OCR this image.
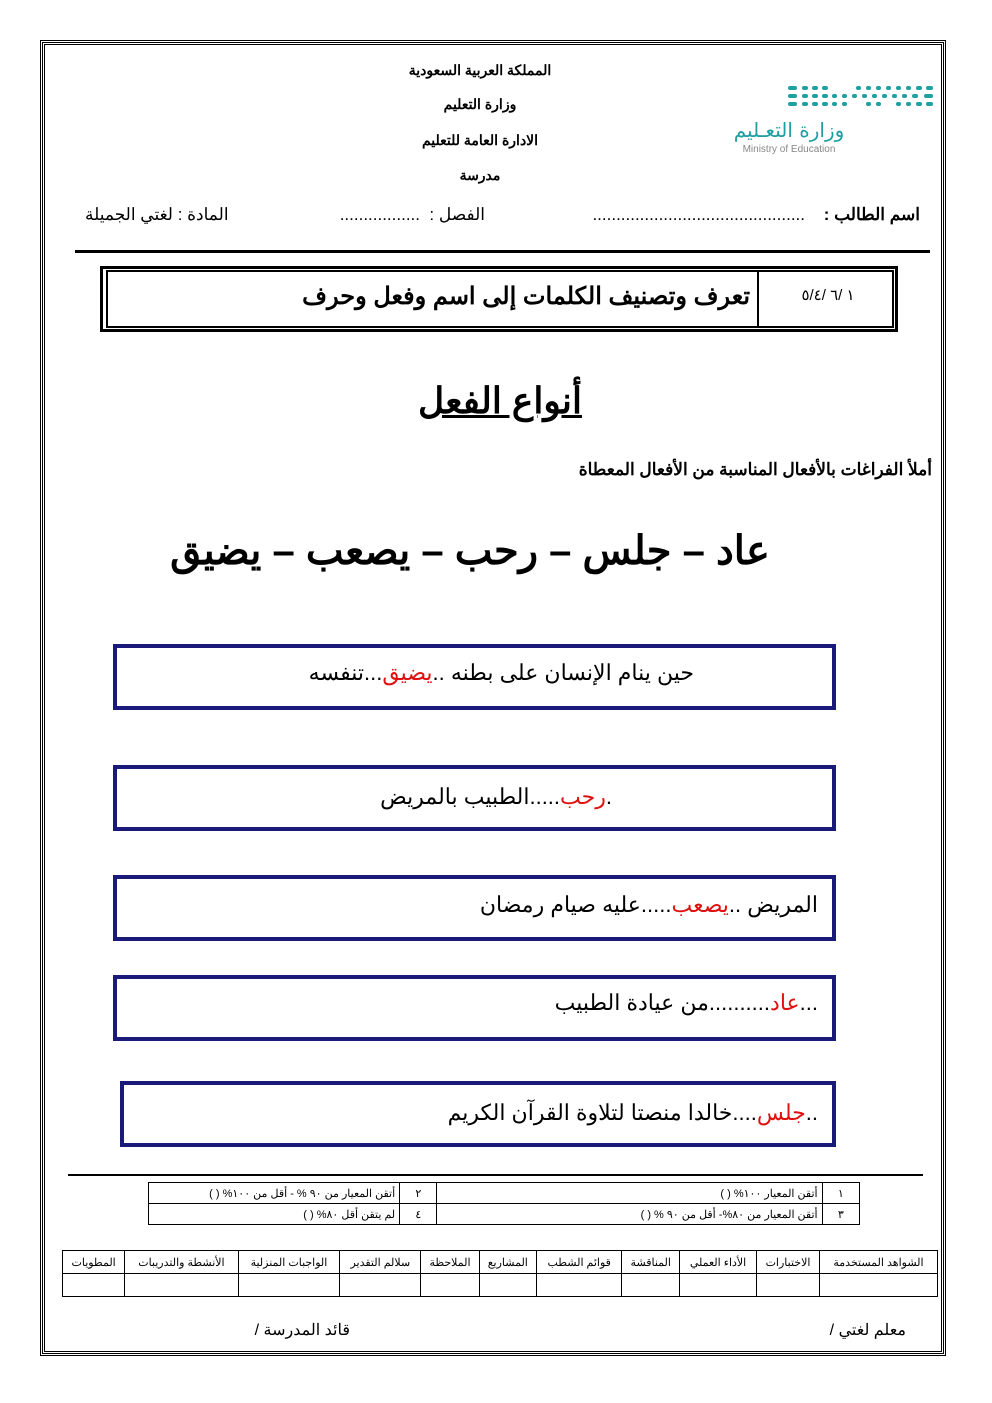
المملكة العربية السعودية
وزارة التعليم
الادارة العامة للتعليم
مدرسة
وزارة التعـليم
Ministry of Education
اسم الطالب :
.............................................
الفصل :
.................
المادة : لغتي الجميلة
١ /٦ /٥/٤
تعرف وتصنيف الكلمات إلى اسم وفعل وحرف
أنواع الفعل
أملأ الفراغات بالأفعال المناسبة من الأفعال المعطاة
عاد – جلس – رحب – يصعب – يضيق
حين ينام الإنسان على بطنه ..يضيق...تنفسه
.رحب.....الطبيب بالمريض
المريض ..يصعب.....عليه صيام رمضان
...عاد..........من عيادة الطبيب
..جلس....خالدا منصتا لتلاوة القرآن الكريم
أتقن المعيار من ٩٠ % - أقل من ١٠٠% ( )	٢	أتقن المعيار ١٠٠% ( )	١
لم يتقن أقل ٨٠% ( )	٤	أتقن المعيار من ٨٠%- أقل من ٩٠ % ( )	٣
المطويات	الأنشطة والتدريبات	الواجبات المنزلية	سلالم التقدير	الملاحظة	المشاريع	قوائم الشطب	المناقشة	الأداء العملي	الاختبارات	الشواهد المستخدمة

معلم لغتي /
قائد المدرسة /
